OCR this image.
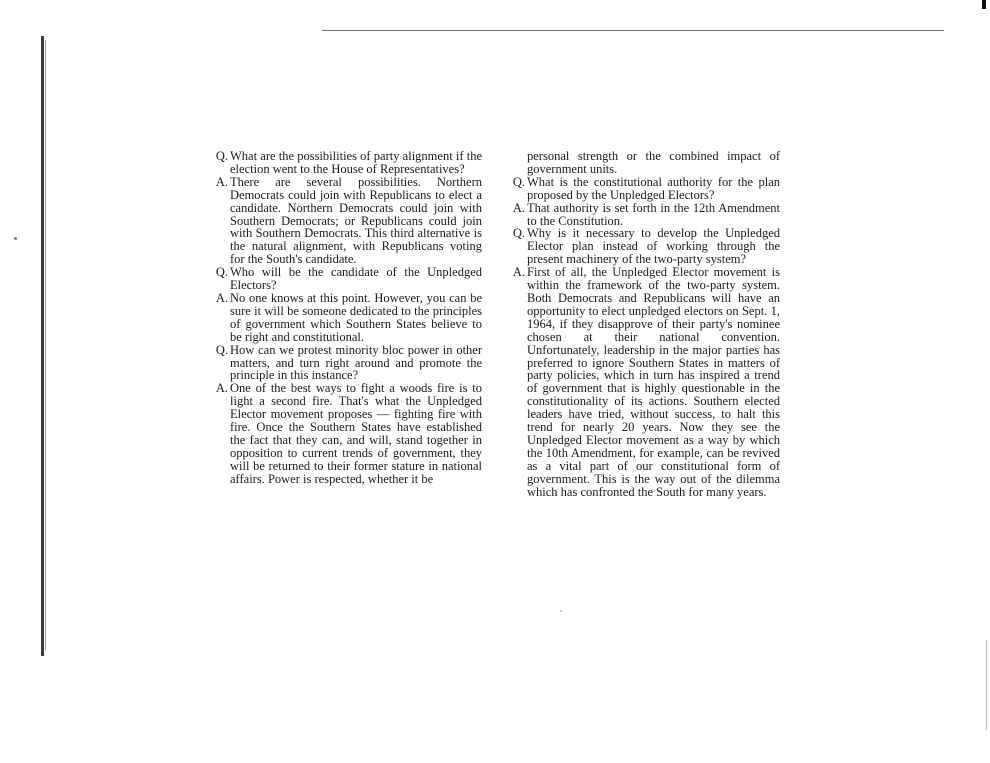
Q. What are the possibilities of party alignment if the election went to the House of Representatives?
A. There are several possibilities. Northern Democrats could join with Republicans to elect a candidate. Northern Democrats could join with Southern Democrats; or Republicans could join with Southern Democrats. This third alternative is the natural alignment, with Republicans voting for the South's candidate.
Q. Who will be the candidate of the Unpledged Electors?
A. No one knows at this point. However, you can be sure it will be someone dedicated to the principles of government which Southern States believe to be right and constitutional.
Q. How can we protest minority bloc power in other matters, and turn right around and promote the principle in this instance?
A. One of the best ways to fight a woods fire is to light a second fire. That's what the Unpledged Elector movement proposes — fighting fire with fire. Once the Southern States have established the fact that they can, and will, stand together in opposition to current trends of government, they will be returned to their former stature in national affairs. Power is respected, whether it be
personal strength or the combined impact of government units.
Q. What is the constitutional authority for the plan proposed by the Unpledged Electors?
A. That authority is set forth in the 12th Amendment to the Constitution.
Q. Why is it necessary to develop the Unpledged Elector plan instead of working through the present machinery of the two-party system?
A. First of all, the Unpledged Elector movement is within the framework of the two-party system. Both Democrats and Republicans will have an opportunity to elect unpledged electors on Sept. 1, 1964, if they disapprove of their party's nominee chosen at their national convention. Unfortunately, leadership in the major parties has preferred to ignore Southern States in matters of party policies, which in turn has inspired a trend of government that is highly questionable in the constitutionality of its actions. Southern elected leaders have tried, without success, to halt this trend for nearly 20 years. Now they see the Unpledged Elector movement as a way by which the 10th Amendment, for example, can be revived as a vital part of our constitutional form of government. This is the way out of the dilemma which has confronted the South for many years.
